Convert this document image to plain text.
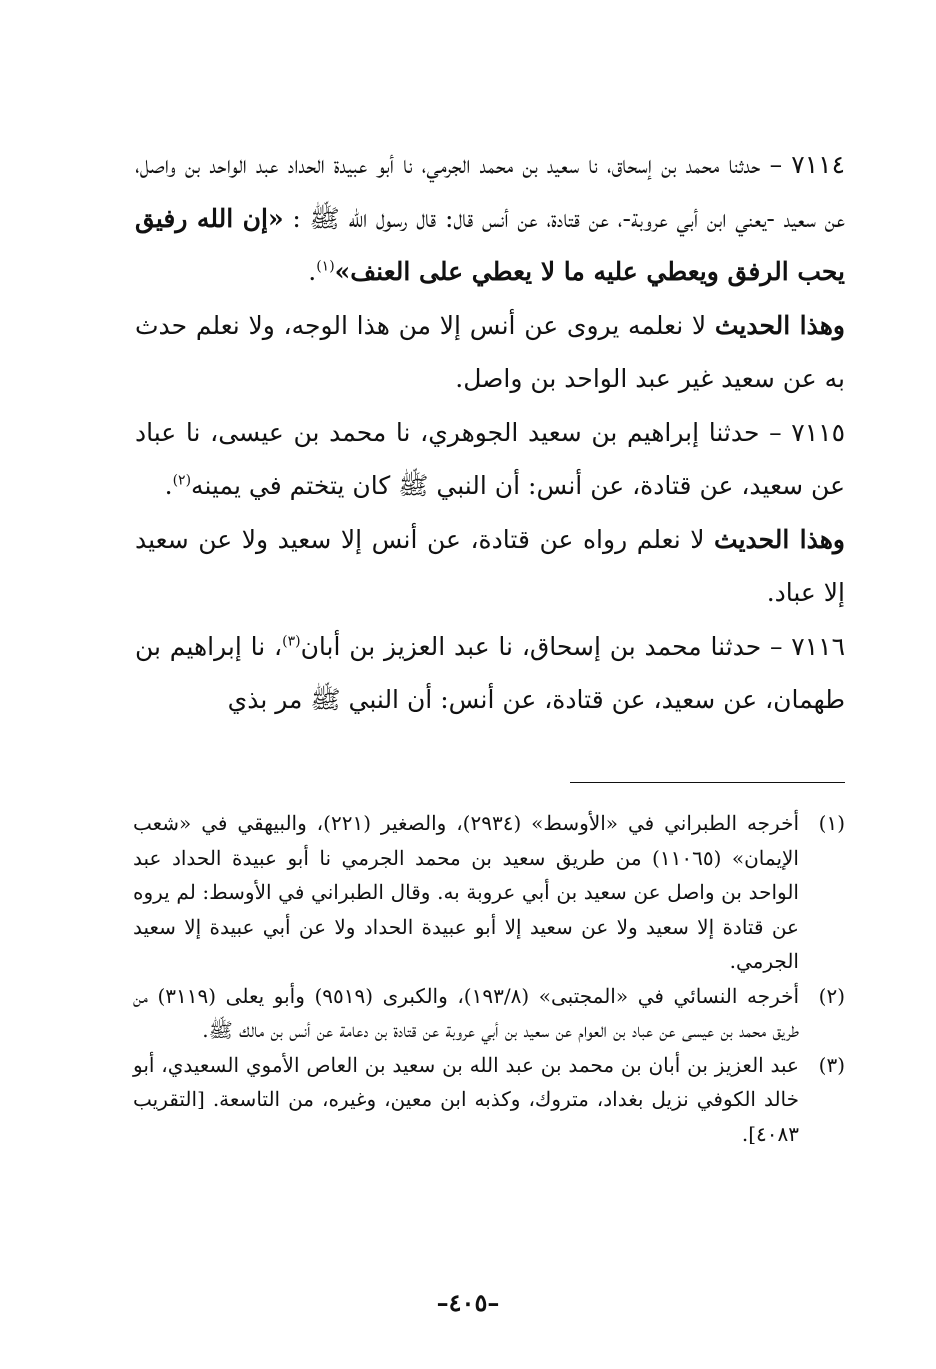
٧١١٤ – حدثنا محمد بن إسحاق، نا سعيد بن محمد الجرمي، نا أبو عبيدة الحداد عبد الواحد بن واصل، عن سعيد -يعني ابن أبي عروبة-، عن قتادة، عن أنس قال: قال رسول الله ﷺ : «إن الله رفيق يحب الرفق ويعطي عليه ما لا يعطي على العنف»$^{(١)}$.

وهذا الحديث لا نعلمه يروى عن أنس إلا من هذا الوجه، ولا نعلم حدث به عن سعيد غير عبد الواحد بن واصل.

٧١١٥ – حدثنا إبراهيم بن سعيد الجوهري، نا محمد بن عيسى، نا عباد عن سعيد، عن قتادة، عن أنس: أن النبي ﷺ كان يتختم في يمينه$^{(٢)}$.

وهذا الحديث لا نعلم رواه عن قتادة، عن أنس إلا سعيد ولا عن سعيد إلا عباد.

٧١١٦ – حدثنا محمد بن إسحاق، نا عبد العزيز بن أبان$^{(٣)}$، نا إبراهيم بن طهمان، عن سعيد، عن قتادة، عن أنس: أن النبي ﷺ مر بذي

(١)
أخرجه الطبراني في «الأوسط» (٢٩٣٤)، والصغير (٢٢١)، والبيهقي في «شعب الإيمان» (١١٠٦٥) من طريق سعيد بن محمد الجرمي نا أبو عبيدة الحداد عبد الواحد بن واصل عن سعيد بن أبي عروبة به. وقال الطبراني في الأوسط: لم يروه عن قتادة إلا سعيد ولا عن سعيد إلا أبو عبيدة الحداد ولا عن أبي عبيدة إلا سعيد الجرمي.
(٢)
أخرجه النسائي في «المجتبى» (١٩٣/٨)، والكبرى (٩٥١٩) وأبو يعلى (٣١١٩) من طريق محمد بن عيسى عن عباد بن العوام عن سعيد بن أبي عروبة عن قتادة بن دعامة عن أنس بن مالك ﷺ.
(٣)
عبد العزيز بن أبان بن محمد بن عبد الله بن سعيد بن العاص الأموي السعيدي، أبو خالد الكوفي نزيل بغداد، متروك، وكذبه ابن معين، وغيره، من التاسعة. [التقريب ٤٠٨٣].
–٤٠٥–
